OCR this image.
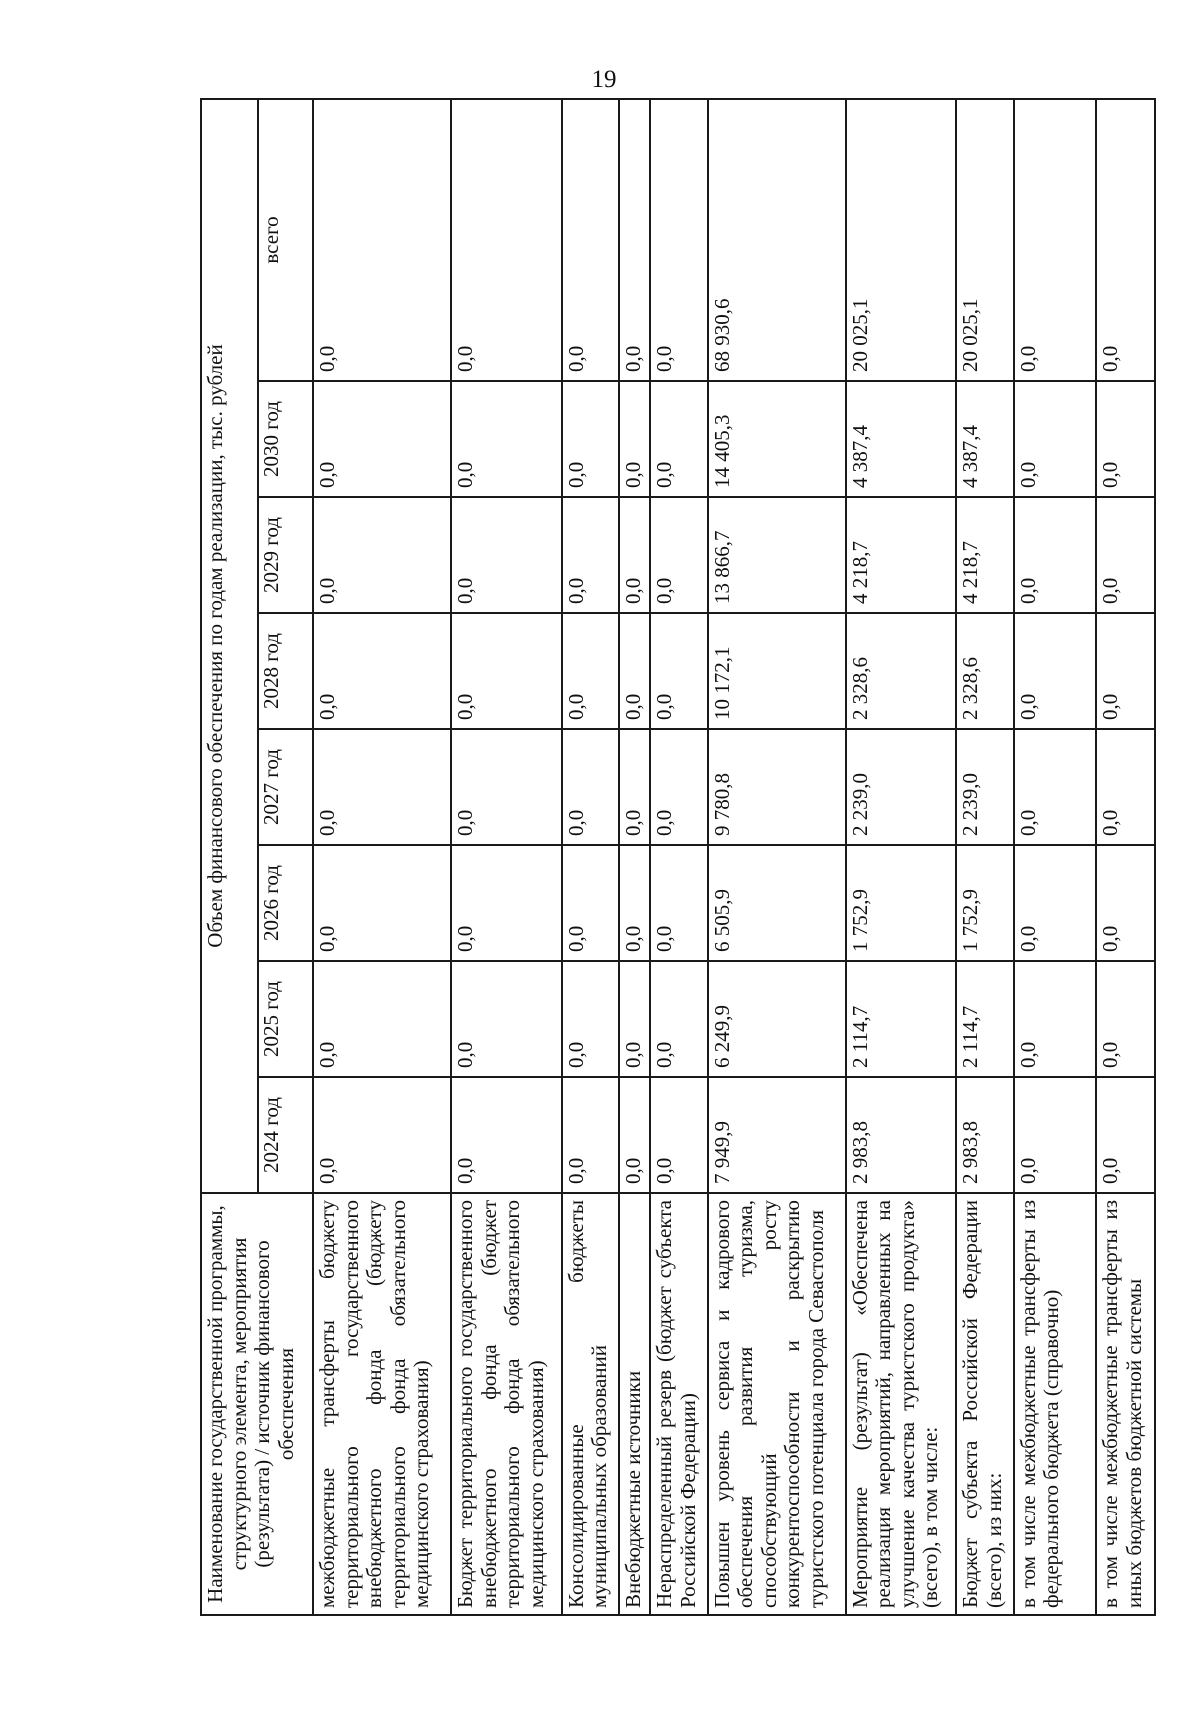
19
Наименование государственной программы, структурного элемента, мероприятия (результата) / источник финансового обеспечения	Объем финансового обеспечения по годам реализации, тыс. рублей							
	2024 год	2025 год	2026 год	2027 год	2028 год	2029 год	2030 год	всего
межбюджетные трансферты бюджету территориального государственного внебюджетного фонда (бюджету территориального фонда обязательного медицинского страхования)	0,0	0,0	0,0	0,0	0,0	0,0	0,0	0,0
Бюджет территориального государственного внебюджетного фонда (бюджет территориального фонда обязательного медицинского страхования)	0,0	0,0	0,0	0,0	0,0	0,0	0,0	0,0
Консолидированные бюджеты муниципальных образований	0,0	0,0	0,0	0,0	0,0	0,0	0,0	0,0
Внебюджетные источники	0,0	0,0	0,0	0,0	0,0	0,0	0,0	0,0
Нераспределенный резерв (бюджет субъекта Российской Федерации)	0,0	0,0	0,0	0,0	0,0	0,0	0,0	0,0
Повышен уровень сервиса и кадрового обеспечения развития туризма, способствующий росту конкурентоспособности и раскрытию туристского потенциала города Севастополя	7 949,9	6 249,9	6 505,9	9 780,8	10 172,1	13 866,7	14 405,3	68 930,6
Мероприятие (результат) «Обеспечена реализация мероприятий, направленных на улучшение качества туристского продукта» (всего), в том числе:	2 983,8	2 114,7	1 752,9	2 239,0	2 328,6	4 218,7	4 387,4	20 025,1
Бюджет субъекта Российской Федерации (всего), из них:	2 983,8	2 114,7	1 752,9	2 239,0	2 328,6	4 218,7	4 387,4	20 025,1
в том числе межбюджетные трансферты из федерального бюджета (справочно)	0,0	0,0	0,0	0,0	0,0	0,0	0,0	0,0
в том числе межбюджетные трансферты из иных бюджетов бюджетной системы	0,0	0,0	0,0	0,0	0,0	0,0	0,0	0,0
